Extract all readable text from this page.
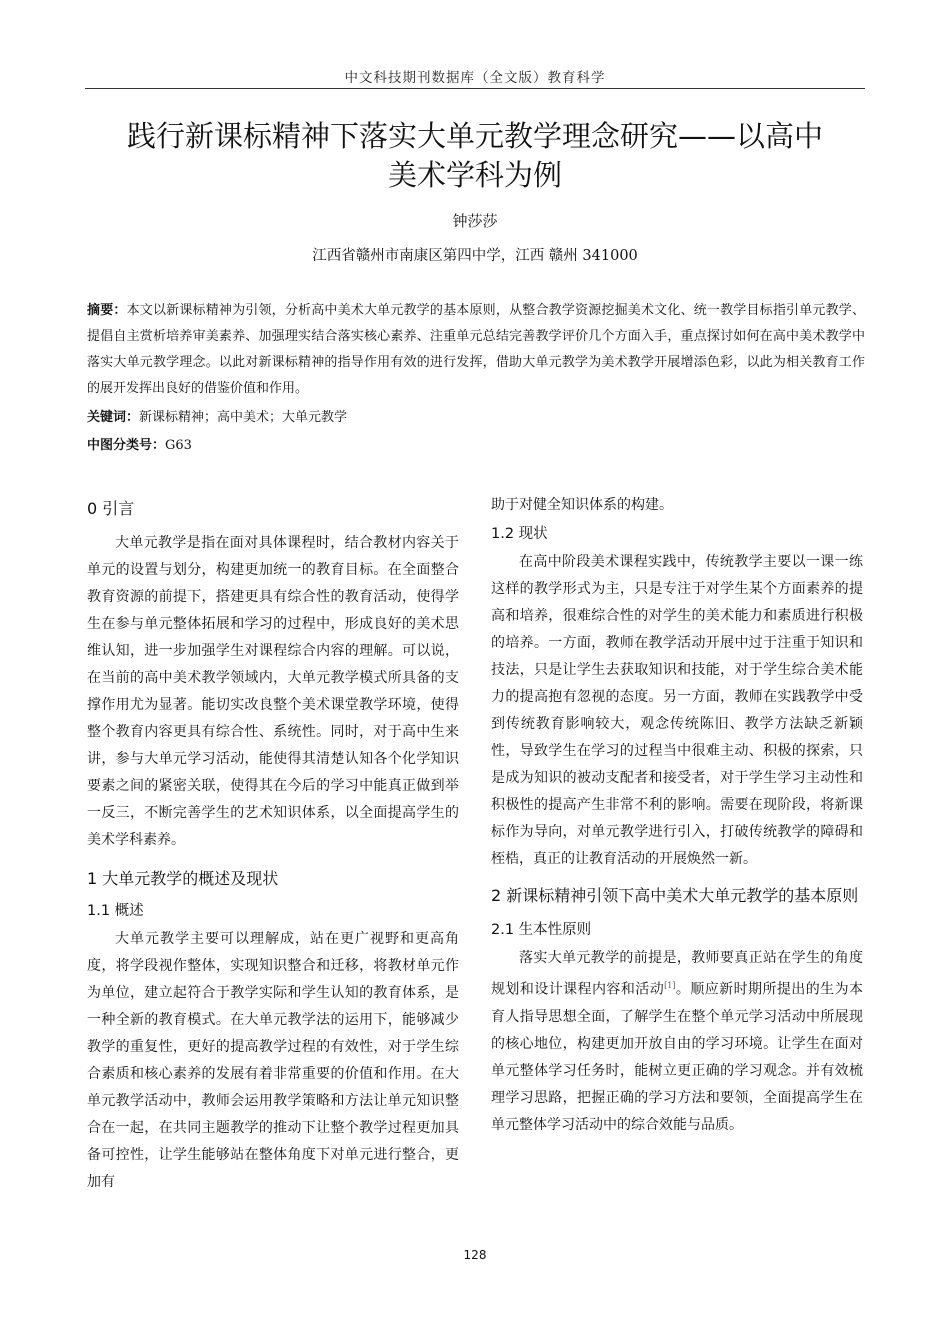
中文科技期刊数据库（全文版）教育科学
践行新课标精神下落实大单元教学理念研究——以高中
美术学科为例
钟莎莎
江西省赣州市南康区第四中学，江西 赣州 341000
摘要：本文以新课标精神为引领，分析高中美术大单元教学的基本原则，从整合教学资源挖掘美术文化、统一教学目标指引单元教学、提倡自主赏析培养审美素养、加强理实结合落实核心素养、注重单元总结完善教学评价几个方面入手，重点探讨如何在高中美术教学中落实大单元教学理念。以此对新课标精神的指导作用有效的进行发挥，借助大单元教学为美术教学开展增添色彩，以此为相关教育工作的展开发挥出良好的借鉴价值和作用。
关键词：新课标精神；高中美术；大单元教学
中图分类号：G63
0 引言

大单元教学是指在面对具体课程时，结合教材内容关于单元的设置与划分，构建更加统一的教育目标。在全面整合教育资源的前提下，搭建更具有综合性的教育活动，使得学生在参与单元整体拓展和学习的过程中，形成良好的美术思维认知，进一步加强学生对课程综合内容的理解。可以说，在当前的高中美术教学领域内，大单元教学模式所具备的支撑作用尤为显著。能切实改良整个美术课堂教学环境，使得整个教育内容更具有综合性、系统性。同时，对于高中生来讲，参与大单元学习活动，能使得其清楚认知各个化学知识要素之间的紧密关联，使得其在今后的学习中能真正做到举一反三，不断完善学生的艺术知识体系，以全面提高学生的美术学科素养。

1 大单元教学的概述及现状
1.1 概述

大单元教学主要可以理解成，站在更广视野和更高角度，将学段视作整体，实现知识整合和迁移，将教材单元作为单位，建立起符合于教学实际和学生认知的教育体系，是一种全新的教育模式。在大单元教学法的运用下，能够减少教学的重复性，更好的提高教学过程的有效性，对于学生综合素质和核心素养的发展有着非常重要的价值和作用。在大单元教学活动中，教师会运用教学策略和方法让单元知识整合在一起，在共同主题教学的推动下让整个教学过程更加具备可控性，让学生能够站在整体角度下对单元进行整合，更加有

助于对健全知识体系的构建。

1.2 现状

在高中阶段美术课程实践中，传统教学主要以一课一练这样的教学形式为主，只是专注于对学生某个方面素养的提高和培养，很难综合性的对学生的美术能力和素质进行积极的培养。一方面，教师在教学活动开展中过于注重于知识和技法，只是让学生去获取知识和技能，对于学生综合美术能力的提高抱有忽视的态度。另一方面，教师在实践教学中受到传统教育影响较大，观念传统陈旧、教学方法缺乏新颖性，导致学生在学习的过程当中很难主动、积极的探索，只是成为知识的被动支配者和接受者，对于学生学习主动性和积极性的提高产生非常不利的影响。需要在现阶段，将新课标作为导向，对单元教学进行引入，打破传统教学的障碍和桎梏，真正的让教育活动的开展焕然一新。

2 新课标精神引领下高中美术大单元教学的基本原则
2.1 生本性原则

落实大单元教学的前提是，教师要真正站在学生的角度规划和设计课程内容和活动[1]。顺应新时期所提出的生为本育人指导思想全面，了解学生在整个单元学习活动中所展现的核心地位，构建更加开放自由的学习环境。让学生在面对单元整体学习任务时，能树立更正确的学习观念。并有效梳理学习思路，把握正确的学习方法和要领，全面提高学生在单元整体学习活动中的综合效能与品质。

128
